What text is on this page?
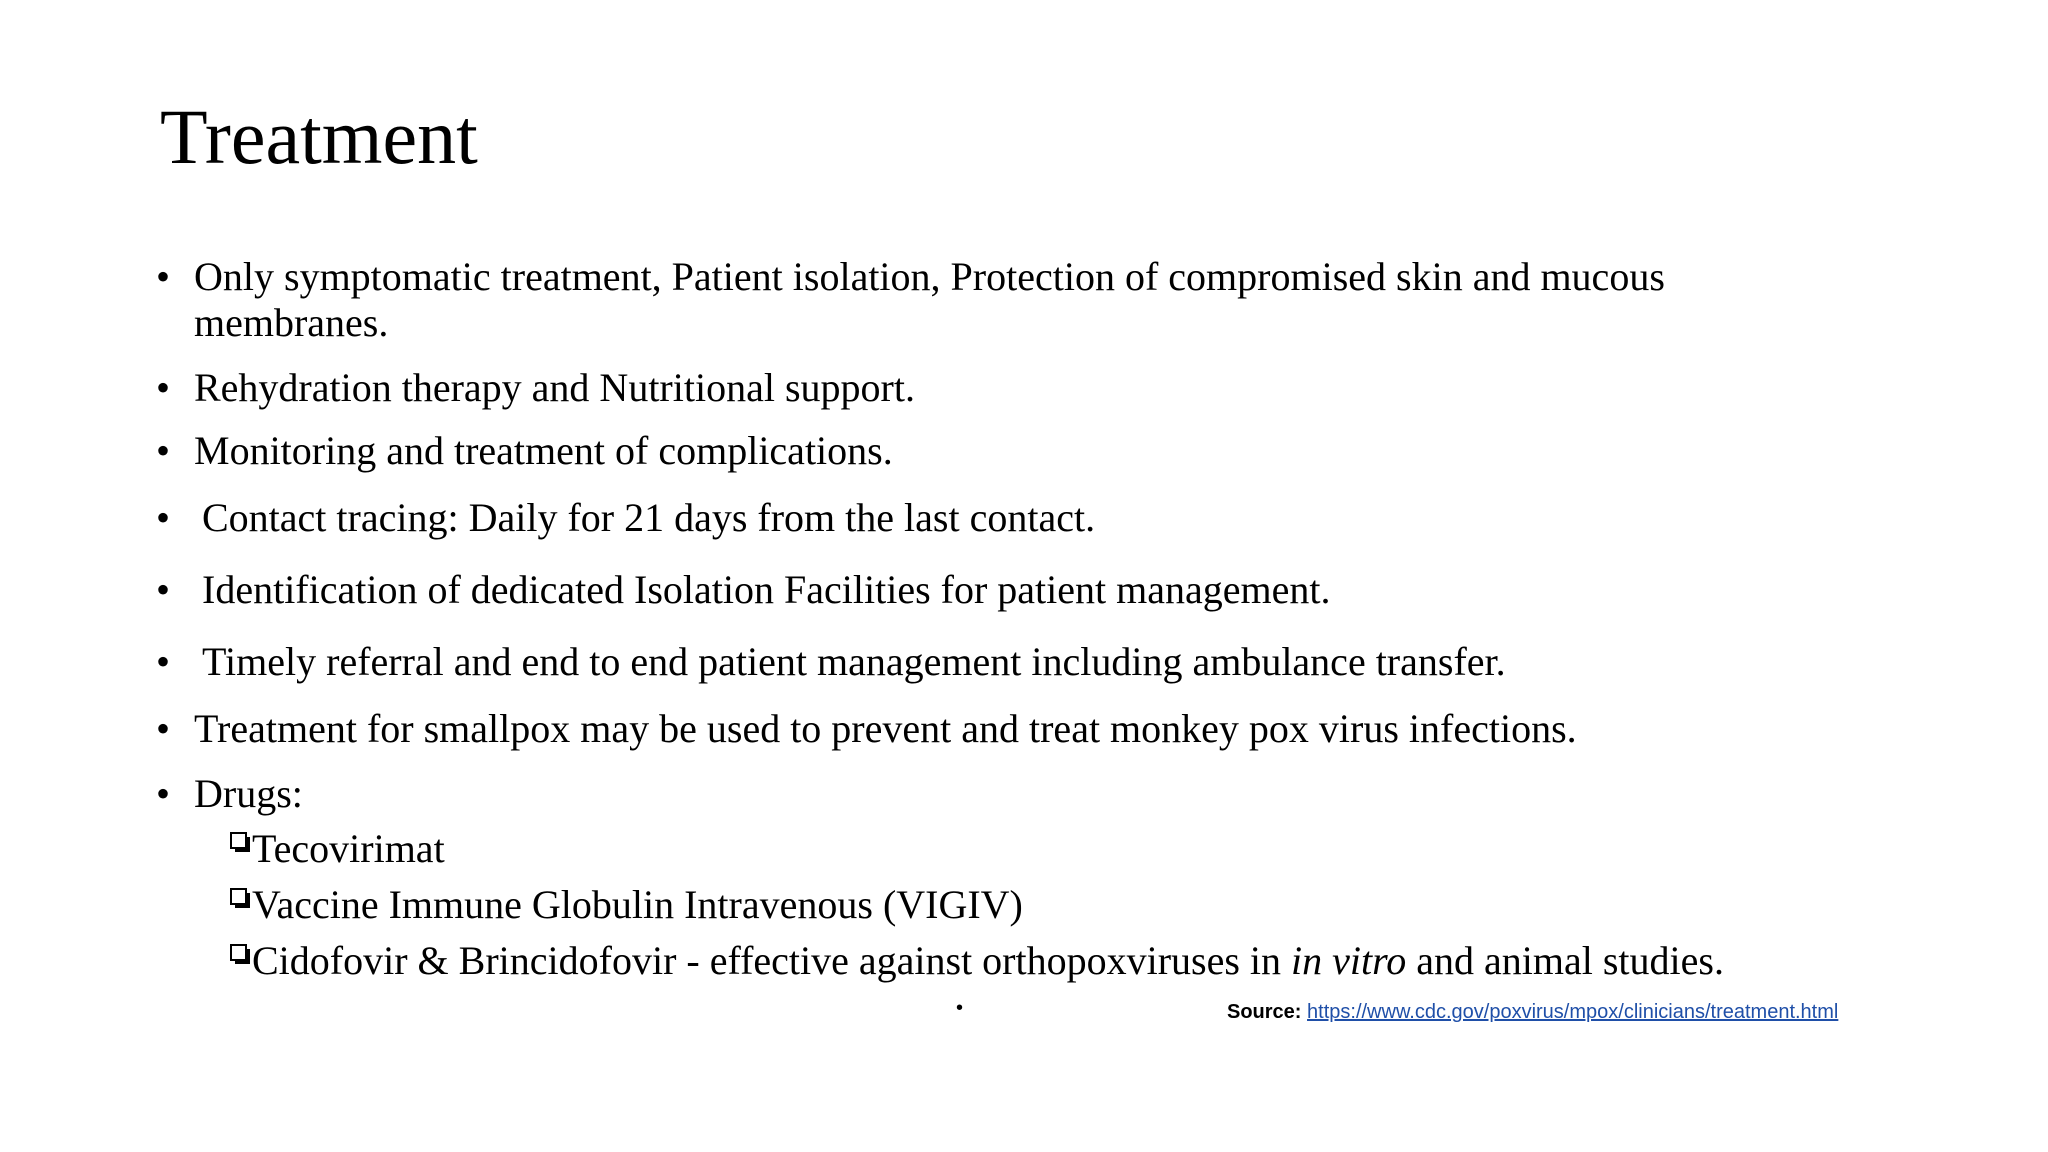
Treatment
• Only symptomatic treatment, Patient isolation, Protection of compromised skin and mucous
membranes.
• Rehydration therapy and Nutritional support.
• Monitoring and treatment of complications.
• Contact tracing: Daily for 21 days from the last contact.
• Identification of dedicated Isolation Facilities for patient management.
• Timely referral and end to end patient management including ambulance transfer.
• Treatment for smallpox may be used to prevent and treat monkey pox virus infections.
• Drugs:
Tecovirimat
Vaccine Immune Globulin Intravenous (VIGIV)
Cidofovir & Brincidofovir - effective against orthopoxviruses in in vitro and animal studies.
•	Source: https://www.cdc.gov/poxvirus/mpox/clinicians/treatment.html
